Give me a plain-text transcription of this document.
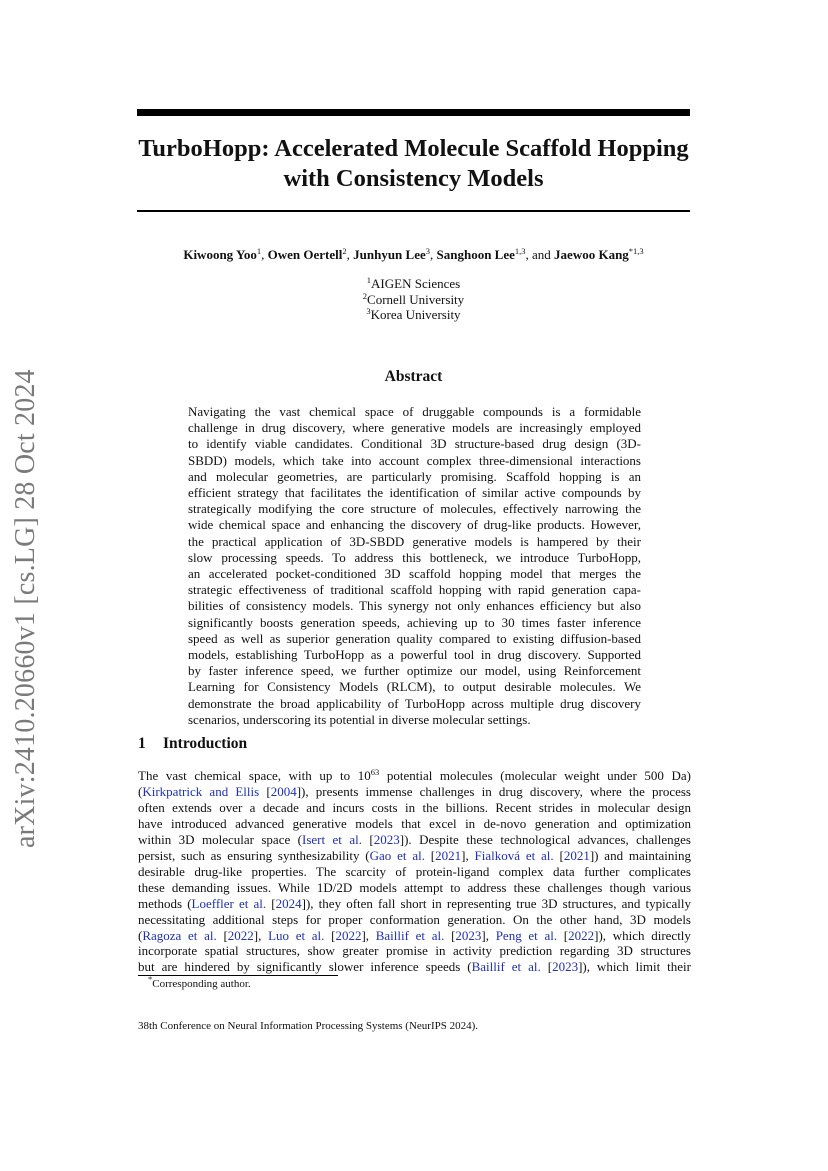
arXiv:2410.20660v1 [cs.LG] 28 Oct 2024
TurboHopp: Accelerated Molecule Scaffold Hopping
with Consistency Models
Kiwoong Yoo$^1$, Owen Oertell$^2$, Junhyun Lee$^3$, Sanghoon Lee$^{1,3}$, and Jaewoo Kang$^{*1,3}$
$^1$AIGEN Sciences
$^2$Cornell University
$^3$Korea University
Abstract
Navigating the vast chemical space of druggable compounds is a formidable
challenge in drug discovery, where generative models are increasingly employed
to identify viable candidates. Conditional 3D structure-based drug design (3D-
SBDD) models, which take into account complex three-dimensional interactions
and molecular geometries, are particularly promising. Scaffold hopping is an
efficient strategy that facilitates the identification of similar active compounds by
strategically modifying the core structure of molecules, effectively narrowing the
wide chemical space and enhancing the discovery of drug-like products. However,
the practical application of 3D-SBDD generative models is hampered by their
slow processing speeds. To address this bottleneck, we introduce TurboHopp,
an accelerated pocket-conditioned 3D scaffold hopping model that merges the
strategic effectiveness of traditional scaffold hopping with rapid generation capa-
bilities of consistency models. This synergy not only enhances efficiency but also
significantly boosts generation speeds, achieving up to 30 times faster inference
speed as well as superior generation quality compared to existing diffusion-based
models, establishing TurboHopp as a powerful tool in drug discovery. Supported
by faster inference speed, we further optimize our model, using Reinforcement
Learning for Consistency Models (RLCM), to output desirable molecules. We
demonstrate the broad applicability of TurboHopp across multiple drug discovery
scenarios, underscoring its potential in diverse molecular settings.
1 Introduction
The vast chemical space, with up to $10^{63}$ potential molecules (molecular weight under 500 Da)
(Kirkpatrick and Ellis [2004]), presents immense challenges in drug discovery, where the process
often extends over a decade and incurs costs in the billions. Recent strides in molecular design
have introduced advanced generative models that excel in de-novo generation and optimization
within 3D molecular space (Isert et al. [2023]). Despite these technological advances, challenges
persist, such as ensuring synthesizability (Gao et al. [2021], Fialková et al. [2021]) and maintaining
desirable drug-like properties. The scarcity of protein-ligand complex data further complicates
these demanding issues. While 1D/2D models attempt to address these challenges though various
methods (Loeffler et al. [2024]), they often fall short in representing true 3D structures, and typically
necessitating additional steps for proper conformation generation. On the other hand, 3D models
(Ragoza et al. [2022], Luo et al. [2022], Baillif et al. [2023], Peng et al. [2022]), which directly
incorporate spatial structures, show greater promise in activity prediction regarding 3D structures
but are hindered by significantly slower inference speeds (Baillif et al. [2023]), which limit their
*Corresponding author.
38th Conference on Neural Information Processing Systems (NeurIPS 2024).
